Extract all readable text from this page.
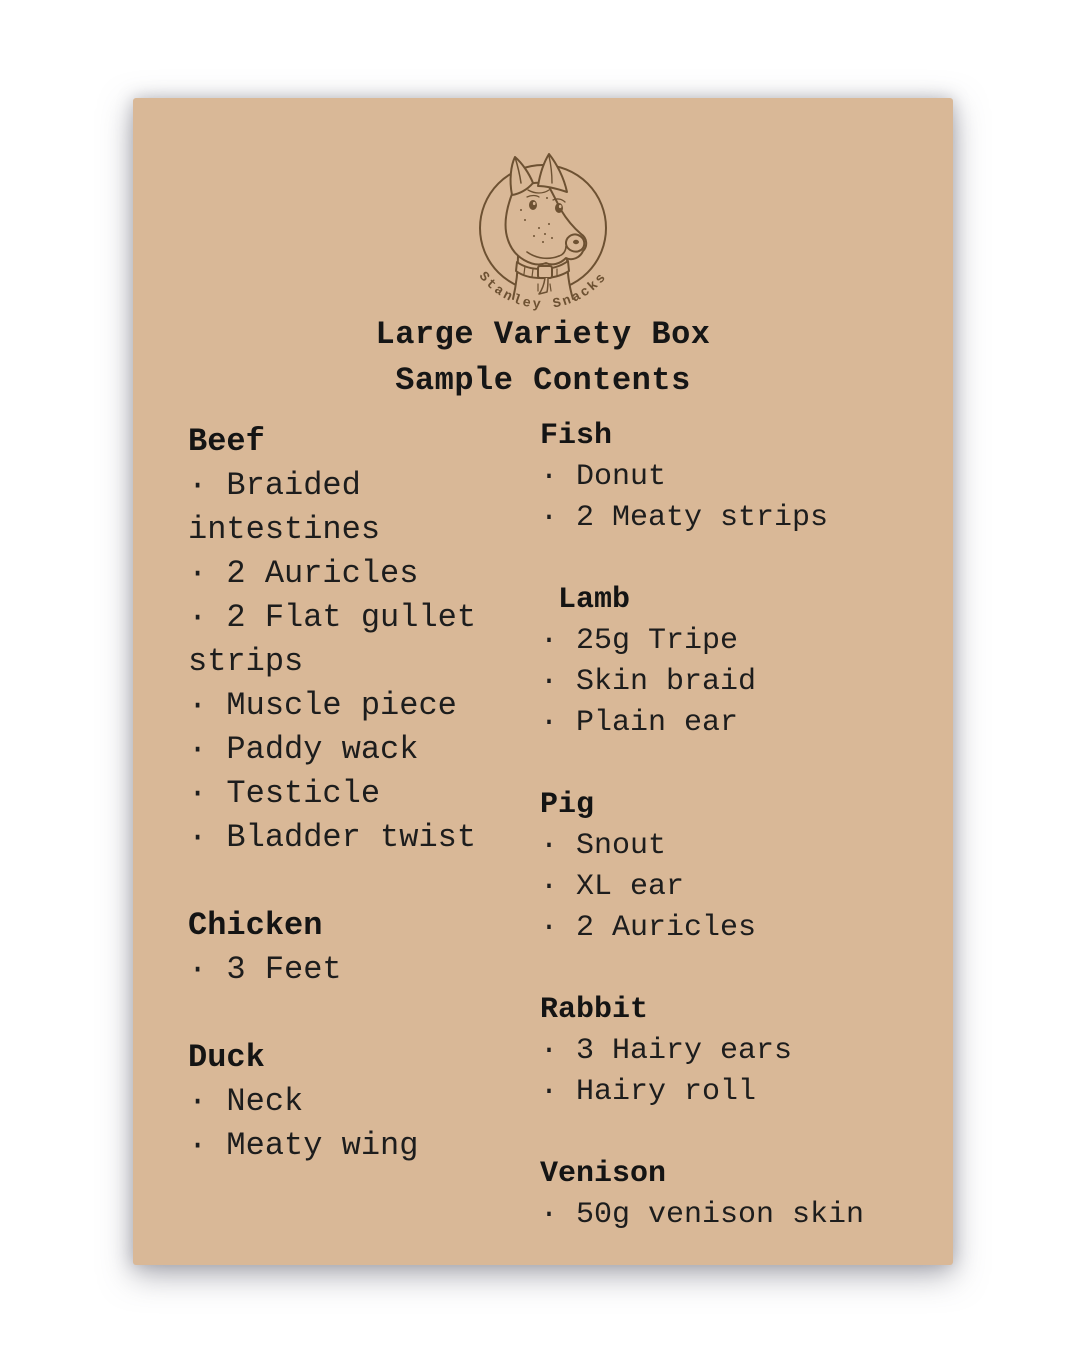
Stanley Snacks
Large Variety Box
Sample Contents
Beef
· Braided intestines
· 2 Auricles
· 2 Flat gullet strips
· Muscle piece
· Paddy wack
· Testicle
· Bladder twist
Chicken
· 3 Feet
Duck
· Neck
· Meaty wing
Fish
· Donut
· 2 Meaty strips
Lamb
· 25g Tripe
· Skin braid
· Plain ear
Pig
· Snout
· XL ear
· 2 Auricles
Rabbit
· 3 Hairy ears
· Hairy roll
Venison
· 50g venison skin
